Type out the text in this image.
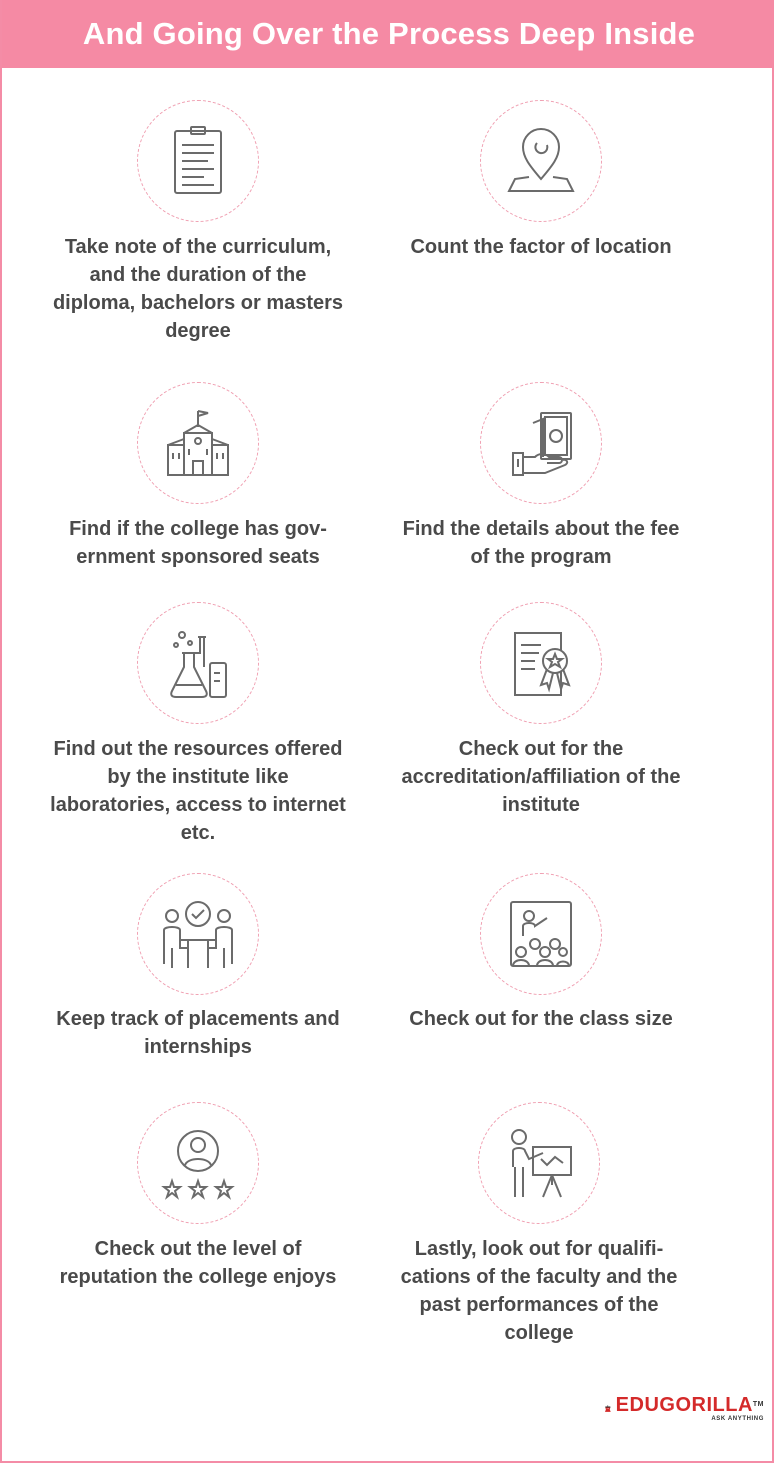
And Going Over the Process Deep Inside
Take note of the curriculum, and the duration of the diploma, bachelors or masters degree
Count the factor of location
Find if the college has gov-ernment sponsored seats
Find the details about the fee of the program
Find out the resources offered by the institute like laboratories, access to internet etc.
Check out for the accreditation/affiliation of the institute
Keep track of placements and internships
Check out for the class size
Check out the level of reputation the college enjoys
Lastly, look out for qualifi-cations of the faculty and the past performances of the college
EDUGORILLA™
ASK ANYTHING
